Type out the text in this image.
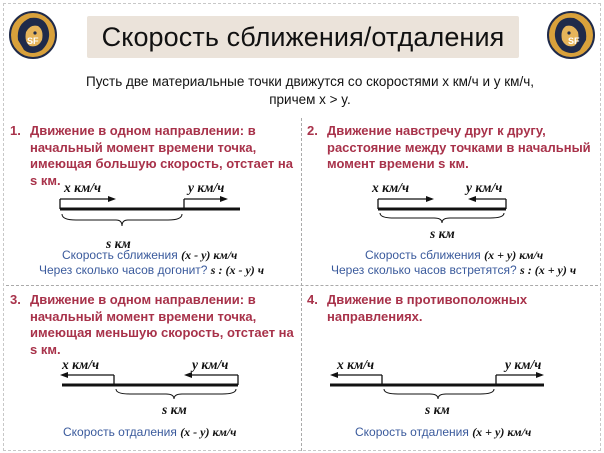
SF	SF
Скорость сближения/отдаления
Пусть две материальные точки движутся со скоростями x км/ч и y км/ч,
причем x > y.
1. Движение в одном направлении: в начальный момент времени точка, имеющая большую скорость, отстает на s км. x км/ч	y км/ч
s км
Скорость сближения (x - y) км/ч
Через сколько часов догонит? s : (x - y) ч
2. Движение навстречу друг к другу, расстояние между точками в начальный момент времени s км.
x км/ч	y км/ч
s км
Скорость сближения (x + y) км/ч
Через сколько часов встретятся? s : (x + y) ч
3. Движение в одном направлении: в начальный момент времени точка, имеющая меньшую скорость, отстает на s км.
x км/ч	y км/ч
s км
Скорость отдаления (x - y) км/ч
4. Движение в противоположных направлениях.
x км/ч	y км/ч
s км
Скорость отдаления (x + y) км/ч
